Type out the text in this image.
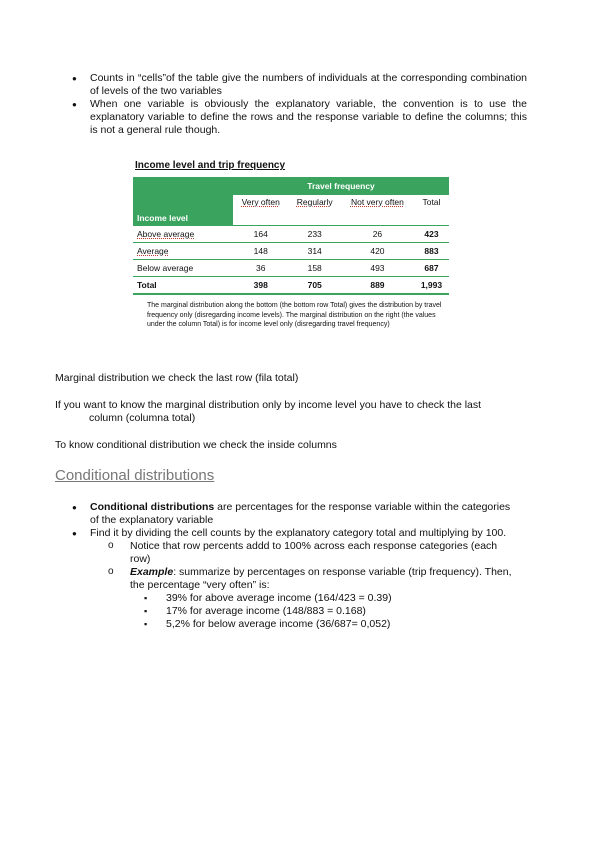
● Counts in “cells”of the table give the numbers of individuals at the corresponding combination of levels of the two variables
● When one variable is obviously the explanatory variable, the convention is to use the explanatory variable to define the rows and the response variable to define the columns; this is not a general rule though.
Income level and trip frequency
	Travel frequency			
Income level	Very often	Regularly	Not very often	Total
Above average	164	233	26	423
Average	148	314	420	883
Below average	36	158	493	687
Total	398	705	889	1,993
The marginal distribution along the bottom (the bottom row Total) gives the distribution by travel frequency only (disregarding income levels). The marginal distribution on the right (the values under the column Total) is for income level only (disregarding travel frequency)
Marginal distribution we check the last row (fila total)
If you want to know the marginal distribution only by income level you have to check the last
column (columna total)
To know conditional distribution we check the inside columns
Conditional distributions
● Conditional distributions are percentages for the response variable within the categories of the explanatory variable
● Find it by dividing the cell counts by the explanatory category total and multiplying by 100.
o Notice that row percents addd to 100% across each response categories (each row)
o Example: summarize by percentages on response variable (trip frequency). Then, the percentage “very often” is:
▪ 39% for above average income (164/423 = 0.39)
▪ 17% for average income (148/883 = 0.168)
▪ 5,2% for below average income (36/687= 0,052)
